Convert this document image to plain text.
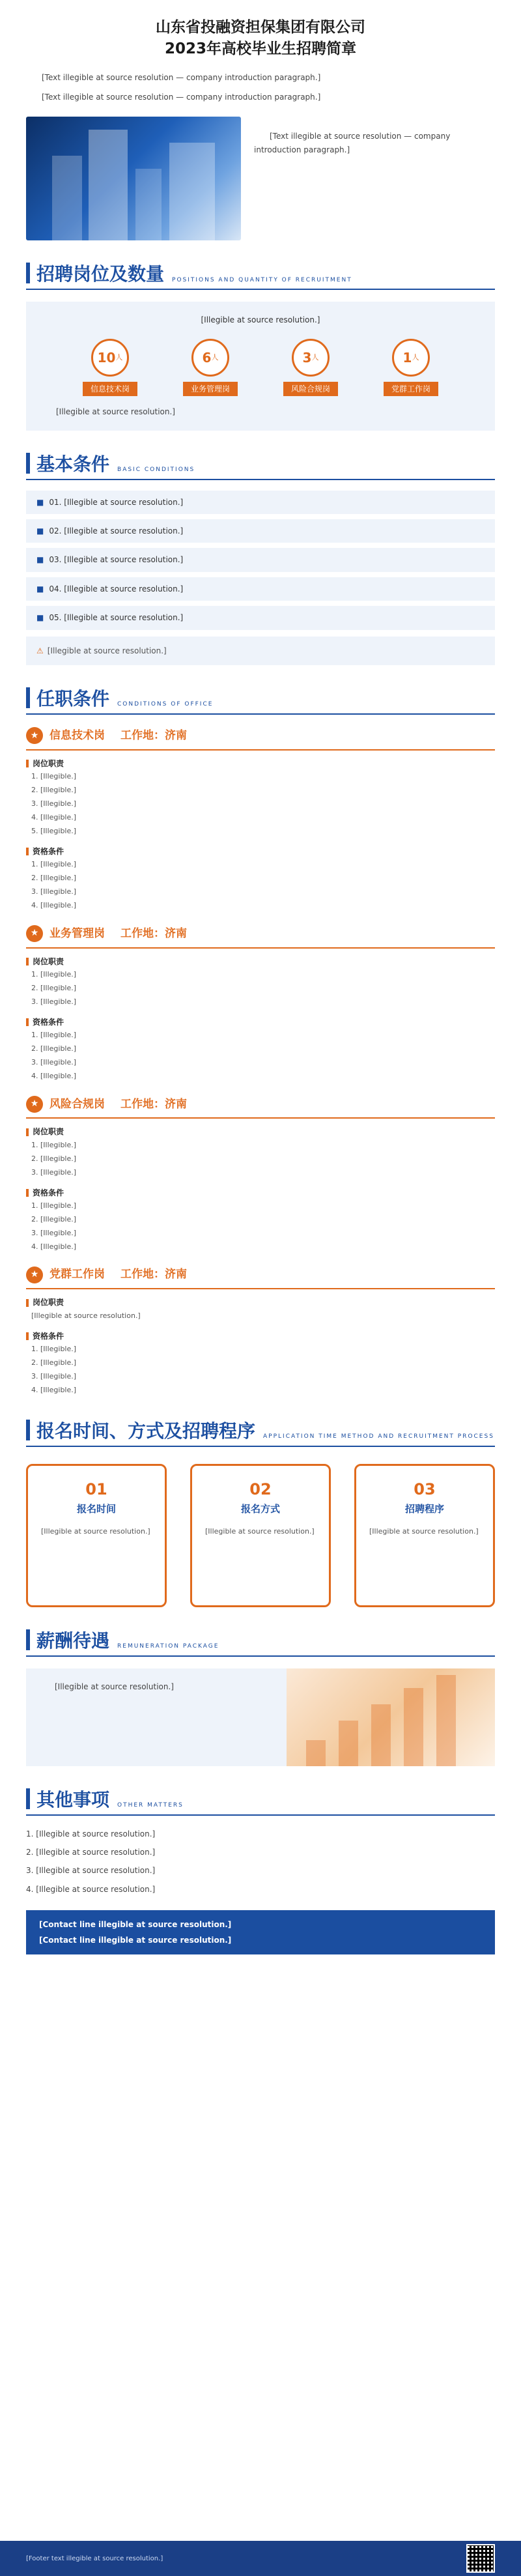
山东省投融资担保集团有限公司
2023年高校毕业生招聘简章

[Text illegible at source resolution — company introduction paragraph.]

[Text illegible at source resolution — company introduction paragraph.]

[Text illegible at source resolution — company introduction paragraph.]

招聘岗位及数量 POSITIONS AND QUANTITY OF RECRUITMENT

[Illegible at source resolution.]

10 人
信息技术岗
6 人
业务管理岗
3 人
风险合规岗
1 人
党群工作岗

[Illegible at source resolution.]

基本条件 BASIC CONDITIONS
■ 01. [Illegible at source resolution.]
■ 02. [Illegible at source resolution.]
■ 03. [Illegible at source resolution.]
■ 04. [Illegible at source resolution.]
■ 05. [Illegible at source resolution.]
⚠ [Illegible at source resolution.]
任职条件 CONDITIONS OF OFFICE
★ 信息技术岗 工作地：济南
岗位职责
1. [Illegible.]
2. [Illegible.]
3. [Illegible.]
4. [Illegible.]
5. [Illegible.]
资格条件
1. [Illegible.]
2. [Illegible.]
3. [Illegible.]
4. [Illegible.]
★ 业务管理岗 工作地：济南
岗位职责
1. [Illegible.]
2. [Illegible.]
3. [Illegible.]
资格条件
1. [Illegible.]
2. [Illegible.]
3. [Illegible.]
4. [Illegible.]
★ 风险合规岗 工作地：济南
岗位职责
1. [Illegible.]
2. [Illegible.]
3. [Illegible.]
资格条件
1. [Illegible.]
2. [Illegible.]
3. [Illegible.]
4. [Illegible.]
★ 党群工作岗 工作地：济南
岗位职责
[Illegible at source resolution.]
资格条件
1. [Illegible.]
2. [Illegible.]
3. [Illegible.]
4. [Illegible.]
报名时间、方式及招聘程序 APPLICATION TIME METHOD AND RECRUITMENT PROCESS
01
报名时间
[Illegible at source resolution.]
02
报名方式
[Illegible at source resolution.]
03
招聘程序
[Illegible at source resolution.]
薪酬待遇 REMUNERATION PACKAGE

[Illegible at source resolution.]

其他事项 OTHER MATTERS

1. [Illegible at source resolution.]

2. [Illegible at source resolution.]

3. [Illegible at source resolution.]

4. [Illegible at source resolution.]

[Contact line illegible at source resolution.]
[Contact line illegible at source resolution.]
[Footer text illegible at source resolution.]
